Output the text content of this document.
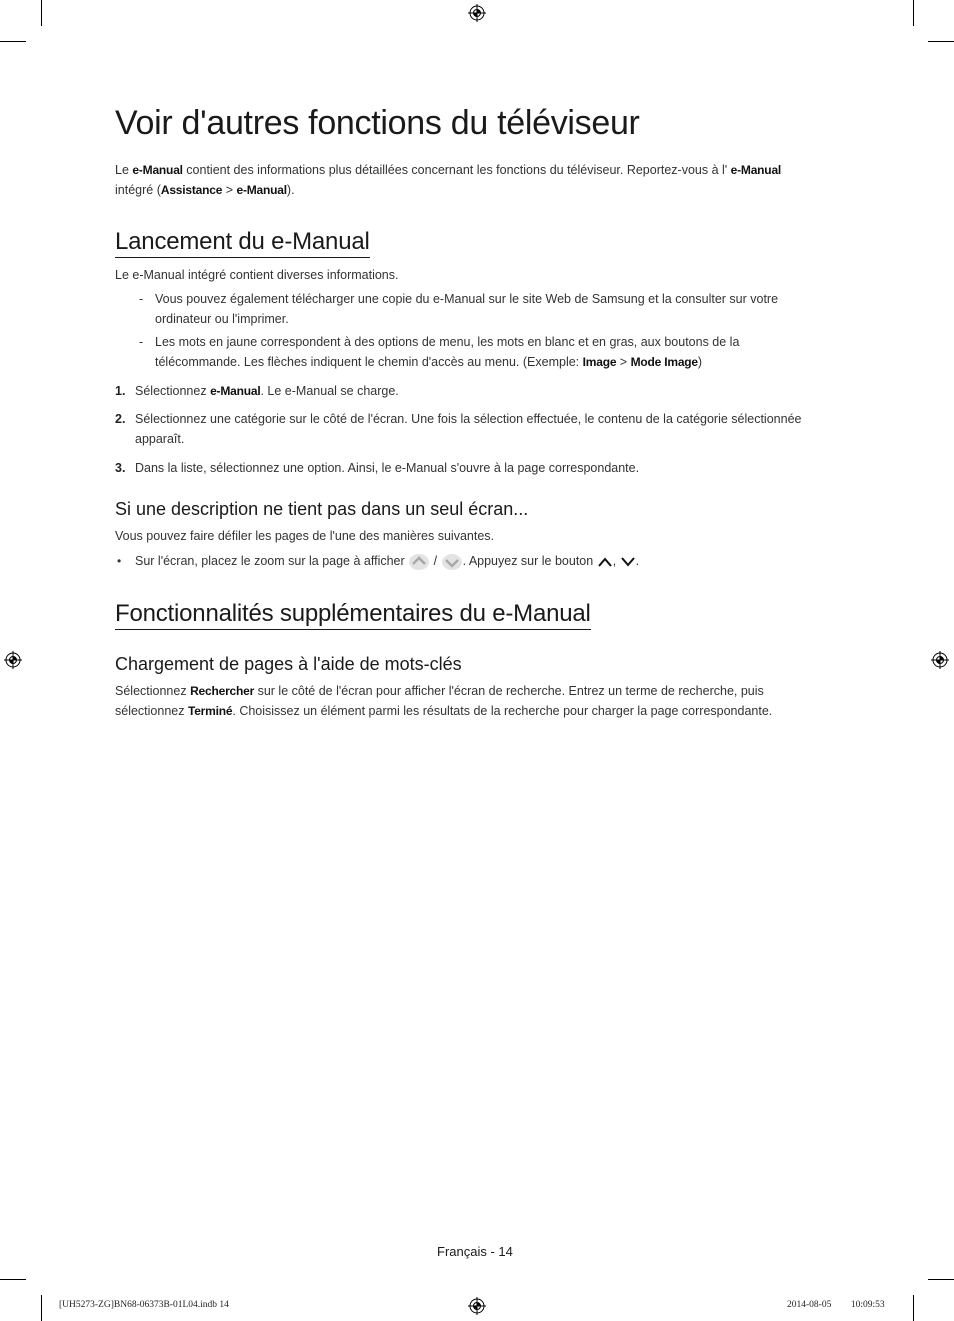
Voir d'autres fonctions du téléviseur
Le e-Manual contient des informations plus détaillées concernant les fonctions du téléviseur. Reportez-vous à l' e-Manual
intégré (Assistance > e-Manual).
Lancement du e-Manual
Le e-Manual intégré contient diverses informations.
- Vous pouvez également télécharger une copie du e-Manual sur le site Web de Samsung et la consulter sur votre
ordinateur ou l'imprimer.
- Les mots en jaune correspondent à des options de menu, les mots en blanc et en gras, aux boutons de la
télécommande. Les flèches indiquent le chemin d'accès au menu. (Exemple: Image > Mode Image)
1. Sélectionnez e-Manual. Le e-Manual se charge.
2. Sélectionnez une catégorie sur le côté de l'écran. Une fois la sélection effectuée, le contenu de la catégorie sélectionnée
apparaît.
3. Dans la liste, sélectionnez une option. Ainsi, le e-Manual s'ouvre à la page correspondante.
Si une description ne tient pas dans un seul écran...
Vous pouvez faire défiler les pages de l'une des manières suivantes.
• Sur l'écran, placez le zoom sur la page à afficher  / . Appuyez sur le bouton , .
Fonctionnalités supplémentaires du e-Manual
Chargement de pages à l'aide de mots-clés
Sélectionnez Rechercher sur le côté de l'écran pour afficher l'écran de recherche. Entrez un terme de recherche, puis
sélectionnez Terminé. Choisissez un élément parmi les résultats de la recherche pour charger la page correspondante.
Français - 14
[UH5273-ZG]BN68-06373B-01L04.indb 14	2014-08-05 ￿￿ 10:09:53
